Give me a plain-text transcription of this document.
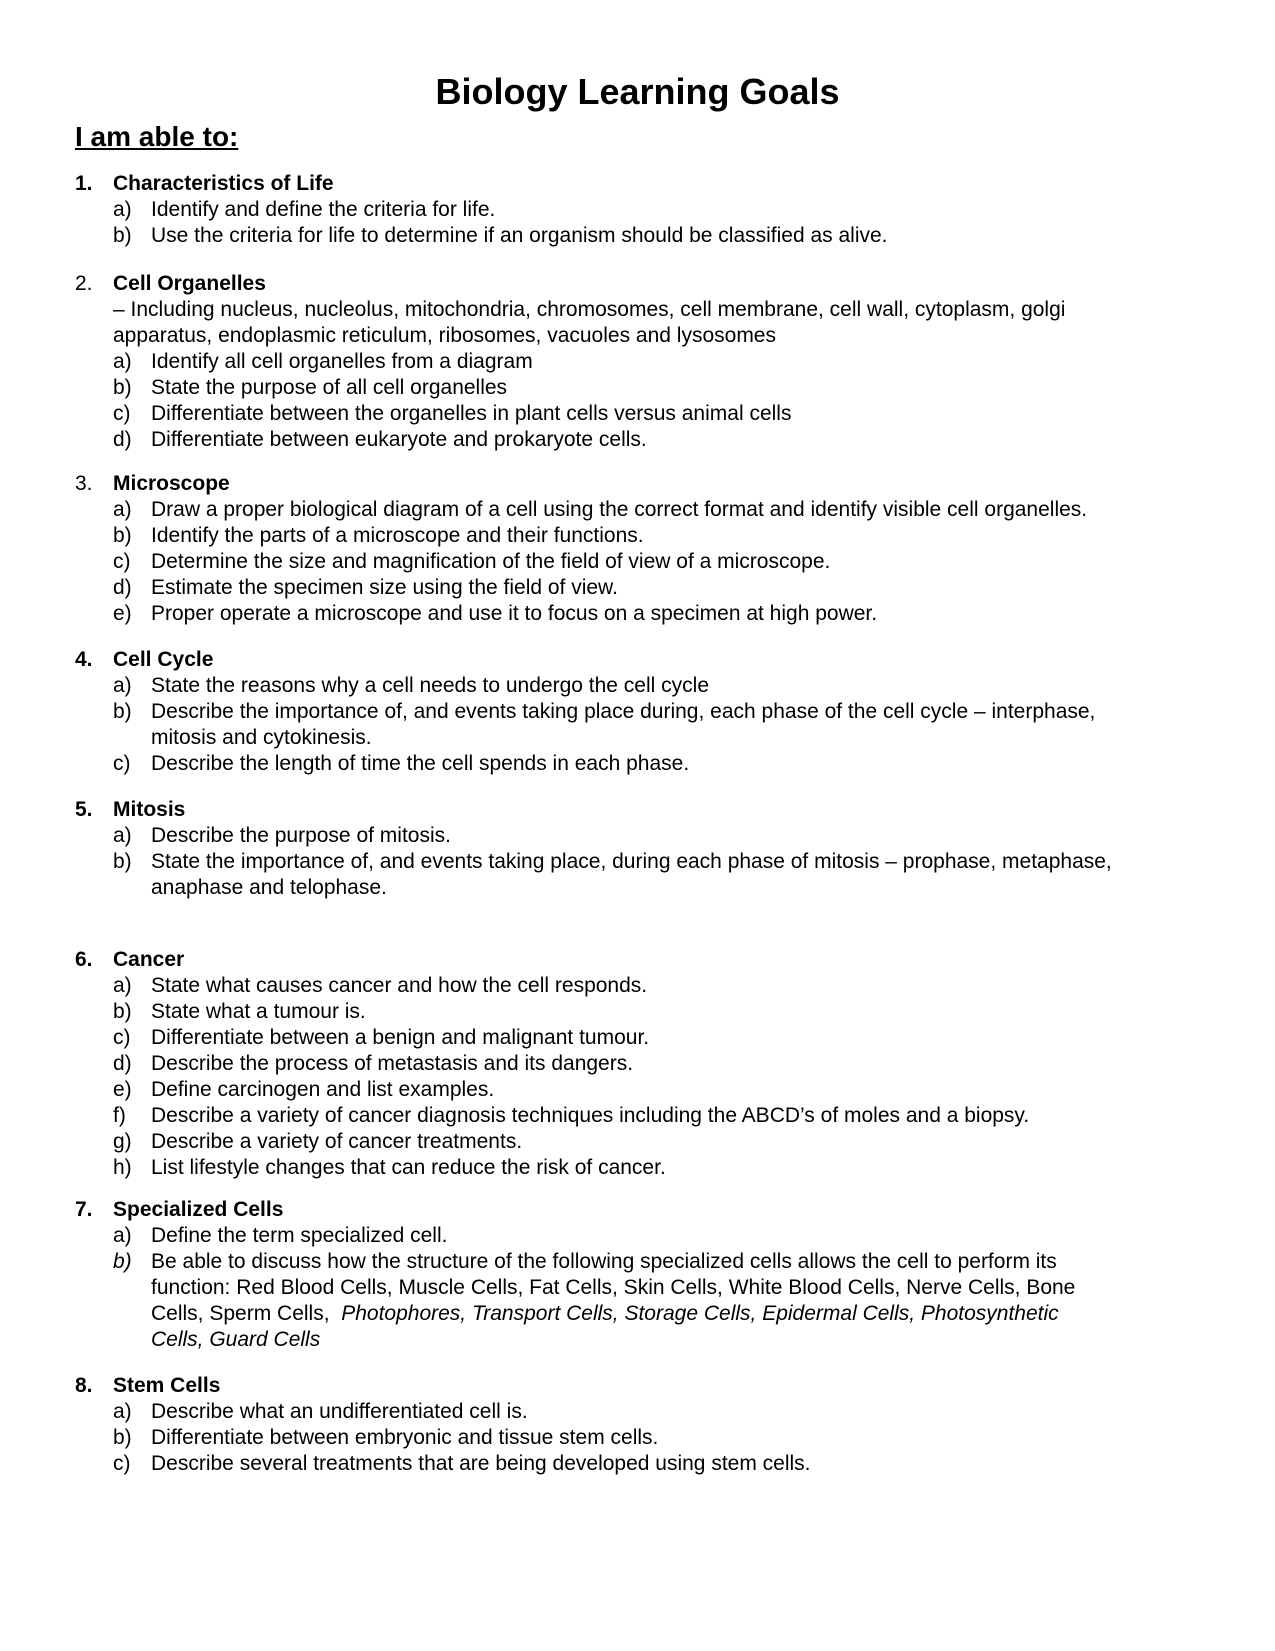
Biology Learning Goals
I am able to:
1. Characteristics of Life
a) Identify and define the criteria for life.
b) Use the criteria for life to determine if an organism should be classified as alive.
2. Cell Organelles
– Including nucleus, nucleolus, mitochondria, chromosomes, cell membrane, cell wall, cytoplasm, golgi
apparatus, endoplasmic reticulum, ribosomes, vacuoles and lysosomes
a) Identify all cell organelles from a diagram
b) State the purpose of all cell organelles
c) Differentiate between the organelles in plant cells versus animal cells
d) Differentiate between eukaryote and prokaryote cells.
3. Microscope
a) Draw a proper biological diagram of a cell using the correct format and identify visible cell organelles.
b) Identify the parts of a microscope and their functions.
c) Determine the size and magnification of the field of view of a microscope.
d) Estimate the specimen size using the field of view.
e) Proper operate a microscope and use it to focus on a specimen at high power.
4. Cell Cycle
a) State the reasons why a cell needs to undergo the cell cycle
b) Describe the importance of, and events taking place during, each phase of the cell cycle – interphase,
mitosis and cytokinesis.
c) Describe the length of time the cell spends in each phase.
5. Mitosis
a) Describe the purpose of mitosis.
b) State the importance of, and events taking place, during each phase of mitosis – prophase, metaphase,
anaphase and telophase.
6. Cancer
a) State what causes cancer and how the cell responds.
b) State what a tumour is.
c) Differentiate between a benign and malignant tumour.
d) Describe the process of metastasis and its dangers.
e) Define carcinogen and list examples.
f) Describe a variety of cancer diagnosis techniques including the ABCD’s of moles and a biopsy.
g) Describe a variety of cancer treatments.
h) List lifestyle changes that can reduce the risk of cancer.
7. Specialized Cells
a) Define the term specialized cell.
b) Be able to discuss how the structure of the following specialized cells allows the cell to perform its
function: Red Blood Cells, Muscle Cells, Fat Cells, Skin Cells, White Blood Cells, Nerve Cells, Bone
Cells, Sperm Cells,  Photophores, Transport Cells, Storage Cells, Epidermal Cells, Photosynthetic
Cells, Guard Cells
8. Stem Cells
a) Describe what an undifferentiated cell is.
b) Differentiate between embryonic and tissue stem cells.
c) Describe several treatments that are being developed using stem cells.
